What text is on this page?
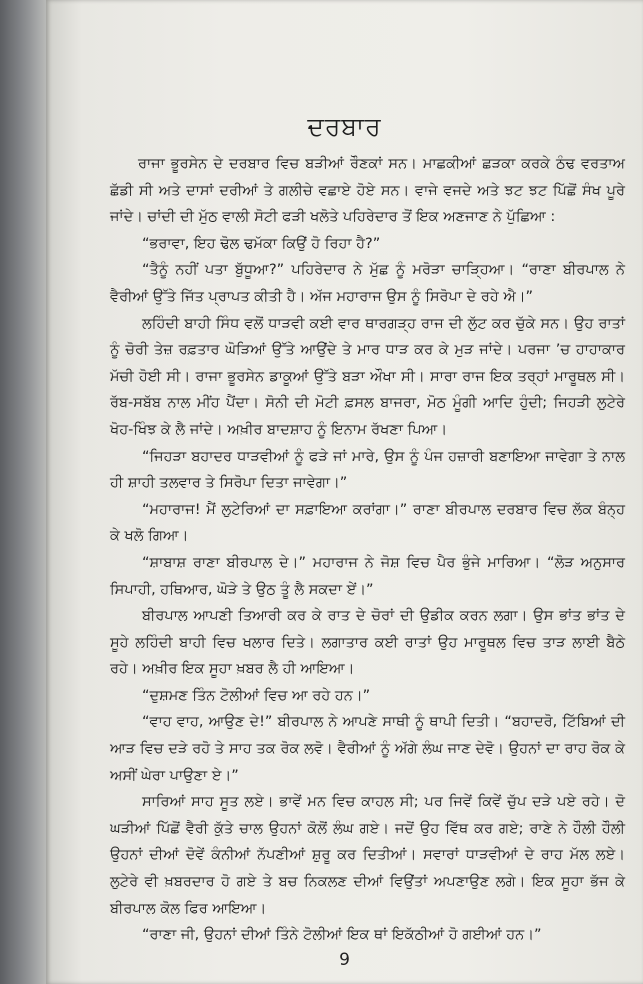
ਦਰਬਾਰ

ਰਾਜਾ ਭੂਰਸੇਨ ਦੇ ਦਰਬਾਰ ਵਿਚ ਬੜੀਆਂ ਰੌਣਕਾਂ ਸਨ। ਮਾਛਕੀਆਂ ਛੜਕਾ ਕਰਕੇ ਠੰਢ ਵਰਤਾਅ ਛੱਡੀ ਸੀ ਅਤੇ ਦਾਸਾਂ ਦਰੀਆਂ ਤੇ ਗਲੀਚੇ ਵਛਾਏ ਹੋਏ ਸਨ। ਵਾਜੇ ਵਜਦੇ ਅਤੇ ਝਟ ਝਟ ਪਿੱਛੋਂ ਸੰਖ ਪੂਰੇ ਜਾਂਦੇ। ਚਾਂਦੀ ਦੀ ਮੁੱਠ ਵਾਲੀ ਸੋਟੀ ਫੜੀ ਖਲੋਤੇ ਪਹਿਰੇਦਾਰ ਤੋਂ ਇਕ ਅਣਜਾਣ ਨੇ ਪੁੱਛਿਆ :

“ਭਰਾਵਾ, ਇਹ ਢੋਲ ਢਮੱਕਾ ਕਿਉਂ ਹੋ ਰਿਹਾ ਹੈ?”

“ਤੈਨੂੰ ਨਹੀਂ ਪਤਾ ਬੁੱਧੂਆ?” ਪਹਿਰੇਦਾਰ ਨੇ ਮੁੱਛ ਨੂੰ ਮਰੋੜਾ ਚਾੜ੍ਹਿਆ। “ਰਾਣਾ ਬੀਰਪਾਲ ਨੇ ਵੈਰੀਆਂ ਉੱਤੇ ਜਿੱਤ ਪ੍ਰਾਪਤ ਕੀਤੀ ਹੈ। ਅੱਜ ਮਹਾਰਾਜ ਉਸ ਨੂੰ ਸਿਰੋਪਾ ਦੇ ਰਹੇ ਐ।”

ਲਹਿੰਦੀ ਬਾਹੀ ਸਿੰਧ ਵਲੋਂ ਧਾੜਵੀ ਕਈ ਵਾਰ ਥਾਰਗੜ੍ਹ ਰਾਜ ਦੀ ਲੁੱਟ ਕਰ ਚੁੱਕੇ ਸਨ। ਉਹ ਰਾਤਾਂ ਨੂੰ ਚੋਰੀ ਤੇਜ਼ ਰਫ਼ਤਾਰ ਘੋੜਿਆਂ ਉੱਤੇ ਆਉਂਦੇ ਤੇ ਮਾਰ ਧਾੜ ਕਰ ਕੇ ਮੁੜ ਜਾਂਦੇ। ਪਰਜਾ ’ਚ ਹਾਹਾਕਾਰ ਮੱਚੀ ਹੋਈ ਸੀ। ਰਾਜਾ ਭੂਰਸੇਨ ਡਾਕੂਆਂ ਉੱਤੇ ਬੜਾ ਔਖਾ ਸੀ। ਸਾਰਾ ਰਾਜ ਇਕ ਤਰ੍ਹਾਂ ਮਾਰੂਥਲ ਸੀ। ਰੱਬ-ਸਬੱਬ ਨਾਲ ਮੀਂਹ ਪੈਂਦਾ। ਸੋਨੀ ਦੀ ਮੋਟੀ ਫ਼ਸਲ ਬਾਜਰਾ, ਮੋਠ ਮੂੰਗੀ ਆਦਿ ਹੁੰਦੀ; ਜਿਹੜੀ ਲੁਟੇਰੇ ਖੋਹ-ਖਿੰਝ ਕੇ ਲੈ ਜਾਂਦੇ। ਅਖ਼ੀਰ ਬਾਦਸ਼ਾਹ ਨੂੰ ਇਨਾਮ ਰੱਖਣਾ ਪਿਆ।

“ਜਿਹੜਾ ਬਹਾਦਰ ਧਾੜਵੀਆਂ ਨੂੰ ਫੜੇ ਜਾਂ ਮਾਰੇ, ਉਸ ਨੂੰ ਪੰਜ ਹਜ਼ਾਰੀ ਬਣਾਇਆ ਜਾਵੇਗਾ ਤੇ ਨਾਲ ਹੀ ਸ਼ਾਹੀ ਤਲਵਾਰ ਤੇ ਸਿਰੋਪਾ ਦਿਤਾ ਜਾਵੇਗਾ।”

“ਮਹਾਰਾਜ! ਮੈਂ ਲੁਟੇਰਿਆਂ ਦਾ ਸਫ਼ਾਇਆ ਕਰਾਂਗਾ।” ਰਾਣਾ ਬੀਰਪਾਲ ਦਰਬਾਰ ਵਿਚ ਲੱਕ ਬੰਨ੍ਹ ਕੇ ਖਲੋ ਗਿਆ।

“ਸ਼ਾਬਾਸ਼ ਰਾਣਾ ਬੀਰਪਾਲ ਦੇ।” ਮਹਾਰਾਜ ਨੇ ਜੋਸ਼ ਵਿਚ ਪੈਰ ਭੁੰਜੇ ਮਾਰਿਆ। “ਲੋੜ ਅਨੁਸਾਰ ਸਿਪਾਹੀ, ਹਥਿਆਰ, ਘੋੜੇ ਤੇ ਉਠ ਤੂੰ ਲੈ ਸਕਦਾ ਏਂ।”

ਬੀਰਪਾਲ ਆਪਣੀ ਤਿਆਰੀ ਕਰ ਕੇ ਰਾਤ ਦੇ ਚੋਰਾਂ ਦੀ ਉਡੀਕ ਕਰਨ ਲਗਾ। ਉਸ ਭਾਂਤ ਭਾਂਤ ਦੇ ਸੂਹੇ ਲਹਿੰਦੀ ਬਾਹੀ ਵਿਚ ਖਲਾਰ ਦਿਤੇ। ਲਗਾਤਾਰ ਕਈ ਰਾਤਾਂ ਉਹ ਮਾਰੂਥਲ ਵਿਚ ਤਾੜ ਲਾਈ ਬੈਠੇ ਰਹੇ। ਅਖ਼ੀਰ ਇਕ ਸੂਹਾ ਖ਼ਬਰ ਲੈ ਹੀ ਆਇਆ।

“ਦੁਸ਼ਮਣ ਤਿੰਨ ਟੋਲੀਆਂ ਵਿਚ ਆ ਰਹੇ ਹਨ।”

“ਵਾਹ ਵਾਹ, ਆਉਣ ਦੇ!” ਬੀਰਪਾਲ ਨੇ ਆਪਣੇ ਸਾਥੀ ਨੂੰ ਥਾਪੀ ਦਿਤੀ। “ਬਹਾਦਰੋ, ਟਿੱਬਿਆਂ ਦੀ ਆੜ ਵਿਚ ਦੜੇ ਰਹੋ ਤੇ ਸਾਹ ਤਕ ਰੋਕ ਲਵੋ। ਵੈਰੀਆਂ ਨੂੰ ਅੱਗੇ ਲੰਘ ਜਾਣ ਦੇਵੋ। ਉਹਨਾਂ ਦਾ ਰਾਹ ਰੋਕ ਕੇ ਅਸੀਂ ਘੇਰਾ ਪਾਉਣਾ ਏ।”

ਸਾਰਿਆਂ ਸਾਹ ਸੂਤ ਲਏ। ਭਾਵੇਂ ਮਨ ਵਿਚ ਕਾਹਲ ਸੀ; ਪਰ ਜਿਵੇਂ ਕਿਵੇਂ ਚੁੱਪ ਦੜੇ ਪਏ ਰਹੇ। ਦੋ ਘੜੀਆਂ ਪਿੱਛੋਂ ਵੈਰੀ ਕੁੱਤੇ ਚਾਲ ਉਹਨਾਂ ਕੋਲੋਂ ਲੰਘ ਗਏ। ਜਦੋਂ ਉਹ ਵਿੱਥ ਕਰ ਗਏ; ਰਾਣੇ ਨੇ ਹੌਲੀ ਹੌਲੀ ਉਹਨਾਂ ਦੀਆਂ ਦੋਵੇਂ ਕੰਨੀਆਂ ਨੱਪਣੀਆਂ ਸ਼ੁਰੂ ਕਰ ਦਿਤੀਆਂ। ਸਵਾਰਾਂ ਧਾੜਵੀਆਂ ਦੇ ਰਾਹ ਮੱਲ ਲਏ। ਲੁਟੇਰੇ ਵੀ ਖ਼ਬਰਦਾਰ ਹੋ ਗਏ ਤੇ ਬਚ ਨਿਕਲਣ ਦੀਆਂ ਵਿਉਂਤਾਂ ਅਪਣਾਉਣ ਲਗੇ। ਇਕ ਸੂਹਾ ਭੱਜ ਕੇ ਬੀਰਪਾਲ ਕੋਲ ਫਿਰ ਆਇਆ।

“ਰਾਣਾ ਜੀ, ਉਹਨਾਂ ਦੀਆਂ ਤਿੰਨੇ ਟੋਲੀਆਂ ਇਕ ਥਾਂ ਇਕੱਠੀਆਂ ਹੋ ਗਈਆਂ ਹਨ।”

9
